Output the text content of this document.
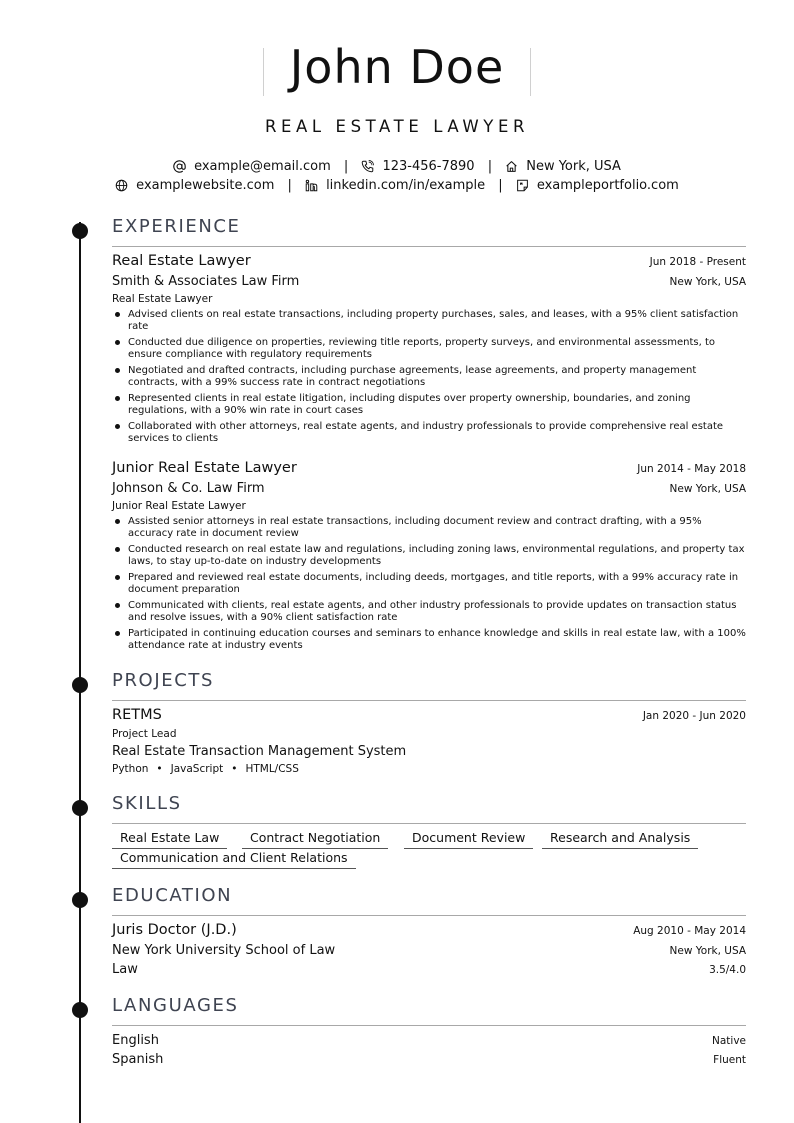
John Doe
REAL ESTATE LAWYER
example@email.com |	123-456-7890 |	New York, USA
examplewebsite.com |	linkedin.com/in/example |	exampleportfolio.com
EXPERIENCE
Real Estate Lawyer	Jun 2018 - Present
Smith & Associates Law Firm	New York, USA
Real Estate Lawyer
Advised clients on real estate transactions, including property purchases, sales, and leases, with a 95% client satisfaction rate
Conducted due diligence on properties, reviewing title reports, property surveys, and environmental assessments, to ensure compliance with regulatory requirements
Negotiated and drafted contracts, including purchase agreements, lease agreements, and property management contracts, with a 99% success rate in contract negotiations
Represented clients in real estate litigation, including disputes over property ownership, boundaries, and zoning regulations, with a 90% win rate in court cases
Collaborated with other attorneys, real estate agents, and industry professionals to provide comprehensive real estate services to clients
Junior Real Estate Lawyer	Jun 2014 - May 2018
Johnson & Co. Law Firm	New York, USA
Junior Real Estate Lawyer
Assisted senior attorneys in real estate transactions, including document review and contract drafting, with a 95% accuracy rate in document review
Conducted research on real estate law and regulations, including zoning laws, environmental regulations, and property tax laws, to stay up-to-date on industry developments
Prepared and reviewed real estate documents, including deeds, mortgages, and title reports, with a 99% accuracy rate in document preparation
Communicated with clients, real estate agents, and other industry professionals to provide updates on transaction status and resolve issues, with a 90% client satisfaction rate
Participated in continuing education courses and seminars to enhance knowledge and skills in real estate law, with a 100% attendance rate at industry events
PROJECTS
RETMS	Jan 2020 - Jun 2020
Project Lead
Real Estate Transaction Management System
Python • JavaScript • HTML/CSS
SKILLS
Real Estate Law	Contract Negotiation	Document Review	Research and Analysis
Communication and Client Relations
EDUCATION
Juris Doctor (J.D.)	Aug 2010 - May 2014
New York University School of Law	New York, USA
Law	3.5/4.0
LANGUAGES
English	Native
Spanish	Fluent
